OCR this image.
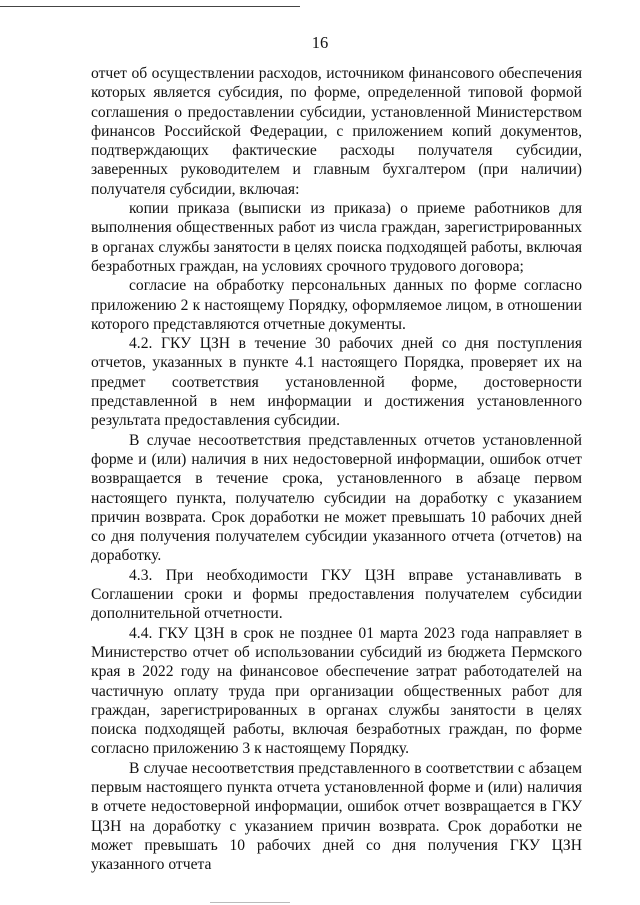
16

отчет об осуществлении расходов, источником финансового обеспечения которых является субсидия, по форме, определенной типовой формой соглашения о предоставлении субсидии, установленной Министерством финансов Российской Федерации, с приложением копий документов, подтверждающих фактические расходы получателя субсидии, заверенных руководителем и главным бухгалтером (при наличии) получателя субсидии, включая:

копии приказа (выписки из приказа) о приеме работников для выполнения общественных работ из числа граждан, зарегистрированных в органах службы занятости в целях поиска подходящей работы, включая безработных граждан, на условиях срочного трудового договора;

согласие на обработку персональных данных по форме согласно приложению 2 к настоящему Порядку, оформляемое лицом, в отношении которого представляются отчетные документы.

4.2. ГКУ ЦЗН в течение 30 рабочих дней со дня поступления отчетов, указанных в пункте 4.1 настоящего Порядка, проверяет их на предмет соответствия установленной форме, достоверности представленной в нем информации и достижения установленного результата предоставления субсидии.

В случае несоответствия представленных отчетов установленной форме и (или) наличия в них недостоверной информации, ошибок отчет возвращается в течение срока, установленного в абзаце первом настоящего пункта, получателю субсидии на доработку с указанием причин возврата. Срок доработки не может превышать 10 рабочих дней со дня получения получателем субсидии указанного отчета (отчетов) на доработку.

4.3. При необходимости ГКУ ЦЗН вправе устанавливать в Соглашении сроки и формы предоставления получателем субсидии дополнительной отчетности.

4.4. ГКУ ЦЗН в срок не позднее 01 марта 2023 года направляет в Министерство отчет об использовании субсидий из бюджета Пермского края в 2022 году на финансовое обеспечение затрат работодателей на частичную оплату труда при организации общественных работ для граждан, зарегистрированных в органах службы занятости в целях поиска подходящей работы, включая безработных граждан, по форме согласно приложению 3 к настоящему Порядку.

В случае несоответствия представленного в соответствии с абзацем первым настоящего пункта отчета установленной форме и (или) наличия в отчете недостоверной информации, ошибок отчет возвращается в ГКУ ЦЗН на доработку с указанием причин возврата. Срок доработки не может превышать 10 рабочих дней со дня получения ГКУ ЦЗН указанного отчета
